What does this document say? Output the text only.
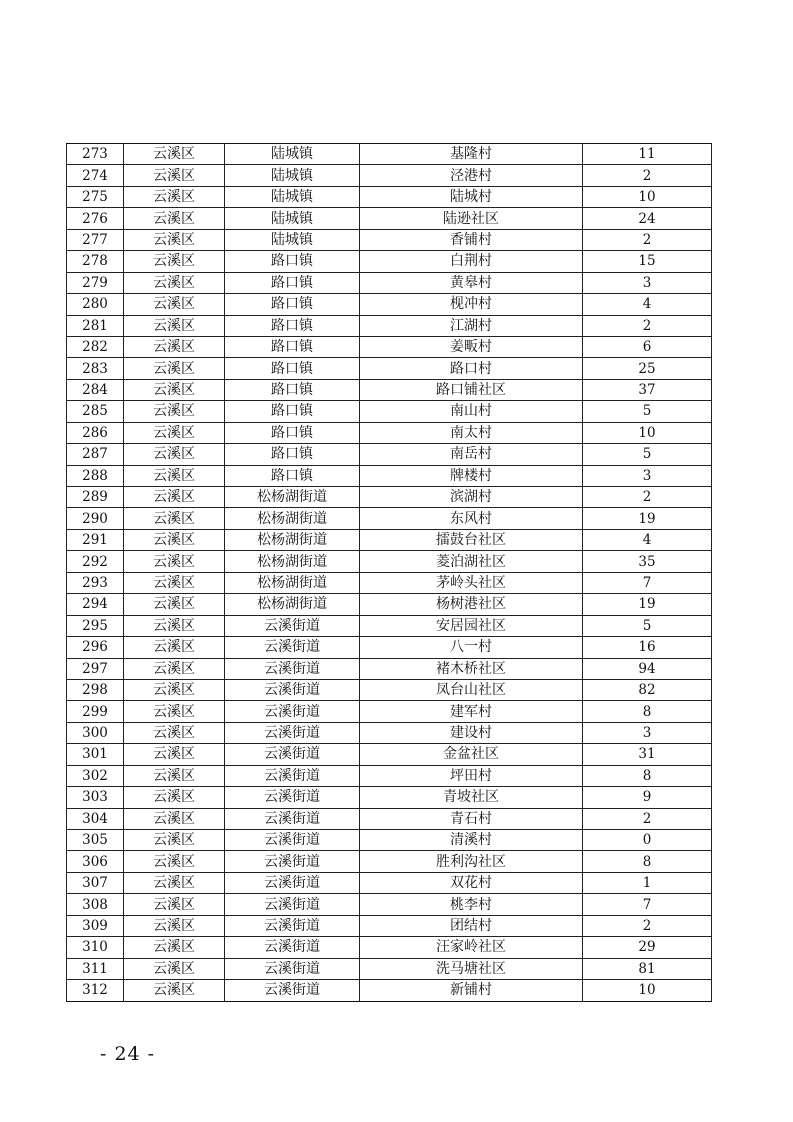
273	云溪区	陆城镇	基隆村	11
274	云溪区	陆城镇	泾港村	2
275	云溪区	陆城镇	陆城村	10
276	云溪区	陆城镇	陆逊社区	24
277	云溪区	陆城镇	香铺村	2
278	云溪区	路口镇	白荆村	15
279	云溪区	路口镇	黄皋村	3
280	云溪区	路口镇	枧冲村	4
281	云溪区	路口镇	江湖村	2
282	云溪区	路口镇	姜畈村	6
283	云溪区	路口镇	路口村	25
284	云溪区	路口镇	路口铺社区	37
285	云溪区	路口镇	南山村	5
286	云溪区	路口镇	南太村	10
287	云溪区	路口镇	南岳村	5
288	云溪区	路口镇	牌楼村	3
289	云溪区	松杨湖街道	滨湖村	2
290	云溪区	松杨湖街道	东风村	19
291	云溪区	松杨湖街道	擂鼓台社区	4
292	云溪区	松杨湖街道	菱泊湖社区	35
293	云溪区	松杨湖街道	茅岭头社区	7
294	云溪区	松杨湖街道	杨树港社区	19
295	云溪区	云溪街道	安居园社区	5
296	云溪区	云溪街道	八一村	16
297	云溪区	云溪街道	褚木桥社区	94
298	云溪区	云溪街道	凤台山社区	82
299	云溪区	云溪街道	建军村	8
300	云溪区	云溪街道	建设村	3
301	云溪区	云溪街道	金盆社区	31
302	云溪区	云溪街道	坪田村	8
303	云溪区	云溪街道	青坡社区	9
304	云溪区	云溪街道	青石村	2
305	云溪区	云溪街道	清溪村	0
306	云溪区	云溪街道	胜利沟社区	8
307	云溪区	云溪街道	双花村	1
308	云溪区	云溪街道	桃李村	7
309	云溪区	云溪街道	团结村	2
310	云溪区	云溪街道	汪家岭社区	29
311	云溪区	云溪街道	洗马塘社区	81
312	云溪区	云溪街道	新铺村	10
- 24 -
